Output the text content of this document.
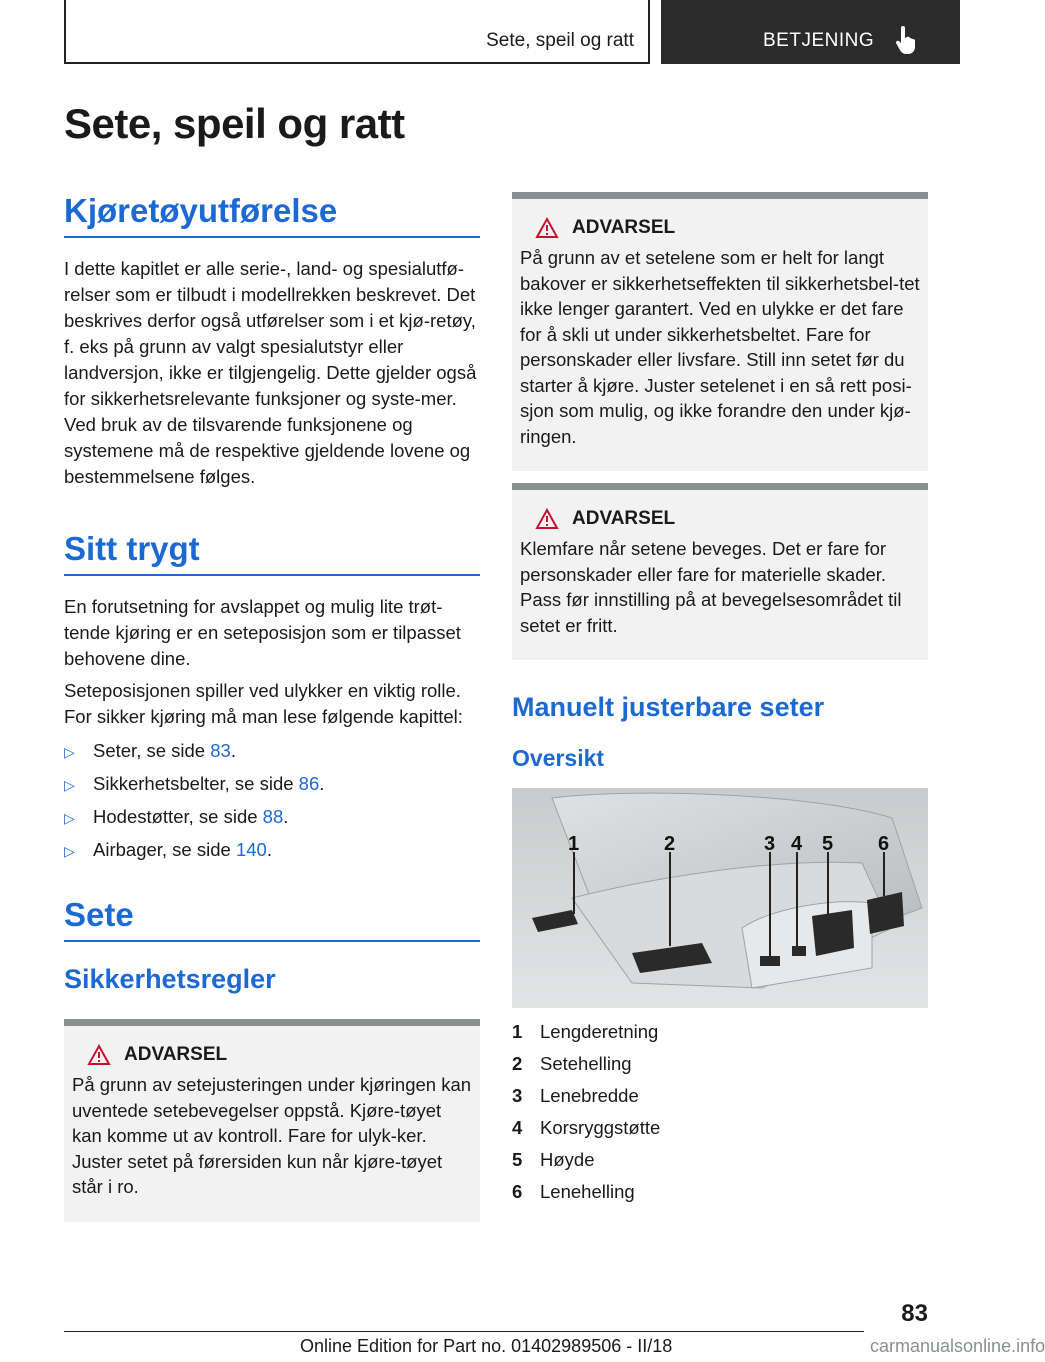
Sete, speil og ratt	BETJENING
Sete, speil og ratt
Kjøretøyutførelse

I dette kapitlet er alle serie-, land- og spesialutfø-relser som er tilbudt i modellrekken beskrevet. Det beskrives derfor også utførelser som i et kjø-retøy, f. eks på grunn av valgt spesialutstyr eller landversjon, ikke er tilgjengelig. Dette gjelder også for sikkerhetsrelevante funksjoner og syste-mer. Ved bruk av de tilsvarende funksjonene og systemene må de respektive gjeldende lovene og bestemmelsene følges.

Sitt trygt

En forutsetning for avslappet og mulig lite trøt-tende kjøring er en seteposisjon som er tilpasset behovene dine.

Seteposisjonen spiller ved ulykker en viktig rolle. For sikker kjøring må man lese følgende kapittel:

▷ Seter, se side 83.
▷ Sikkerhetsbelter, se side 86.
▷ Hodestøtter, se side 88.
▷ Airbager, se side 140.
Sete
Sikkerhetsregler
ADVARSEL

På grunn av setejusteringen under kjøringen kan uventede setebevegelser oppstå. Kjøre-tøyet kan komme ut av kontroll. Fare for ulyk-ker. Juster setet på førersiden kun når kjøre-tøyet står i ro.

ADVARSEL

På grunn av et setelene som er helt for langt bakover er sikkerhetseffekten til sikkerhetsbel-tet ikke lenger garantert. Ved en ulykke er det fare for å skli ut under sikkerhetsbeltet. Fare for personskader eller livsfare. Still inn setet før du starter å kjøre. Juster setelenet i en så rett posi-sjon som mulig, og ikke forandre den under kjø-ringen.

ADVARSEL

Klemfare når setene beveges. Det er fare for personskader eller fare for materielle skader. Pass før innstilling på at bevegelsesområdet til setet er fritt.

Manuelt justerbare seter
Oversikt
1	2	3 4 5 6
1 Lengderetning
2 Setehelling
3 Lenebredde
4 Korsryggstøtte
5 Høyde
6 Lenehelling
83
Online Edition for Part no. 01402989506 - II/18	carmanualsonline.info
